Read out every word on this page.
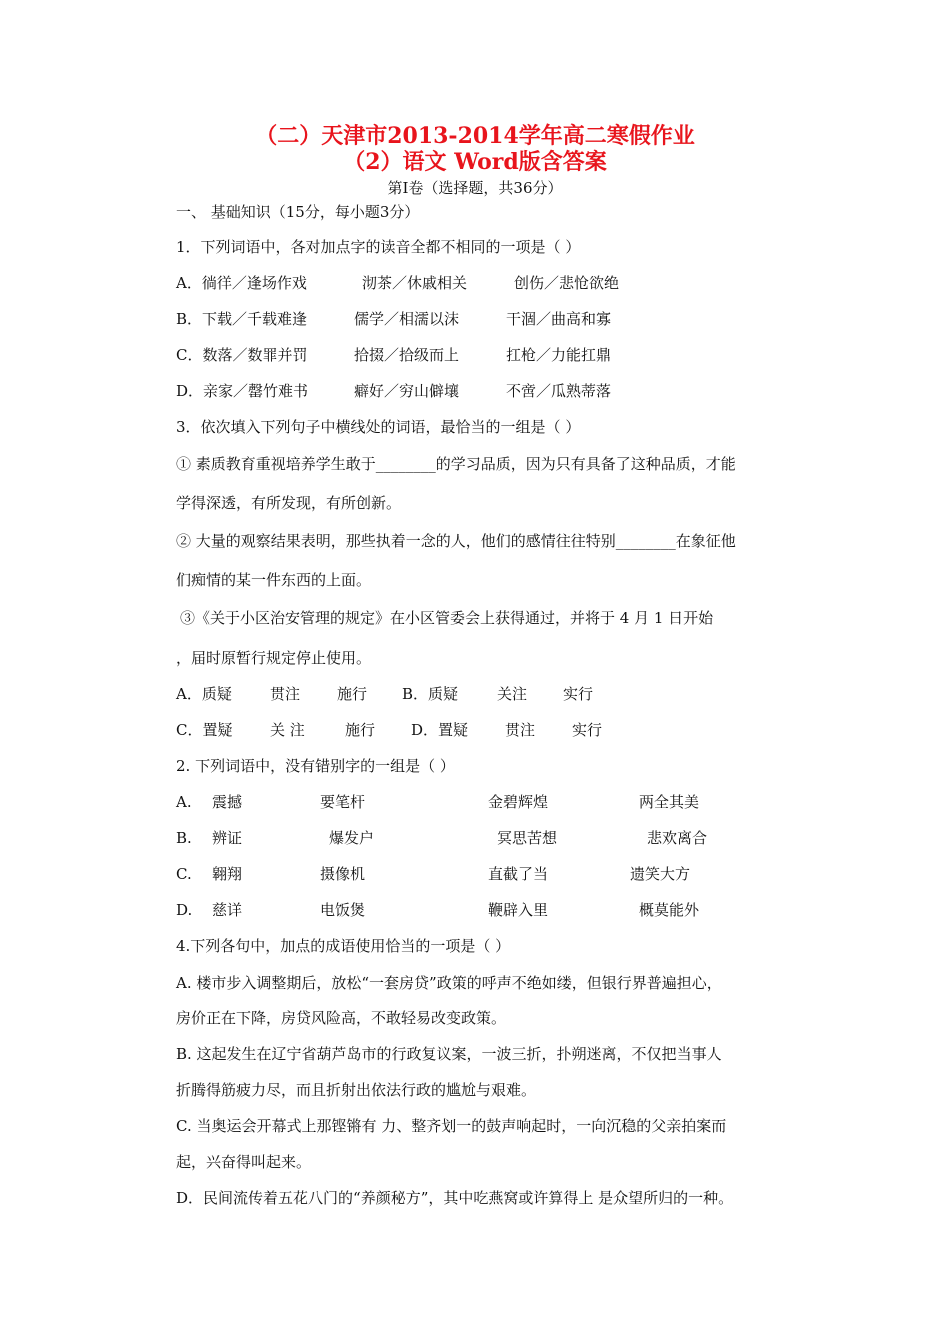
（二）天津市2013-2014学年高二寒假作业
（2）语文 Word版含答案
第Ⅰ卷（选择题，共36分）
一、 基础知识（15分，每小题3分）
1．下列词语中，各对加点字的读音全都不相同的一项是（ ）
A．徜徉／逢场作戏	沏茶／休戚相关	创伤／悲怆欲绝
B．下载／千载难逢	儒学／相濡以沫	干涸／曲高和寡
C．数落／数罪并罚	拾掇／拾级而上	扛枪／力能扛鼎
D．亲家／罄竹难书	癖好／穷山僻壤	不啻／瓜熟蒂落
3．依次填入下列句子中横线处的词语，最恰当的一组是（ ）
① 素质教育重视培养学生敢于________的学习品质，因为只有具备了这种品质，才能
学得深透，有所发现，有所创新。
② 大量的观察结果表明，那些执着一念的人，他们的感情往往特别________在象征他
们痴情的某一件东西的上面。
③《关于小区治安管理的规定》在小区管委会上获得通过，并将于 4 月 1 日开始
，届时原暂行规定停止使用。
A．质疑	贯注 施行 B．质疑	关注 实行
C．置疑	关 注	施行 D．置疑 贯注 实行
2. 下列词语中，没有错别字的一组是（ ）
A. 震撼	要笔杆	金碧辉煌	两全其美
B. 辨证	爆发户	冥思苦想	悲欢离合
C. 翱翔	摄像机	直截了当	遗笑大方
D. 慈详	电饭煲	鞭辟入里	概莫能外
4.下列各句中，加点的成语使用恰当的一项是（ ）
A. 楼市步入调整期后，放松“一套房贷”政策的呼声不绝如缕，但银行界普遍担心，
房价正在下降，房贷风险高，不敢轻易改变政策。
B. 这起发生在辽宁省葫芦岛市的行政复议案，一波三折，扑朔迷离，不仅把当事人
折腾得筋疲力尽，而且折射出依法行政的尴尬与艰难。
C. 当奥运会开幕式上那铿锵有 力、整齐划一的鼓声响起时，一向沉稳的父亲拍案而
起，兴奋得叫起来。
D．民间流传着五花八门的“养颜秘方”，其中吃燕窝或许算得上 是众望所归的一种。
